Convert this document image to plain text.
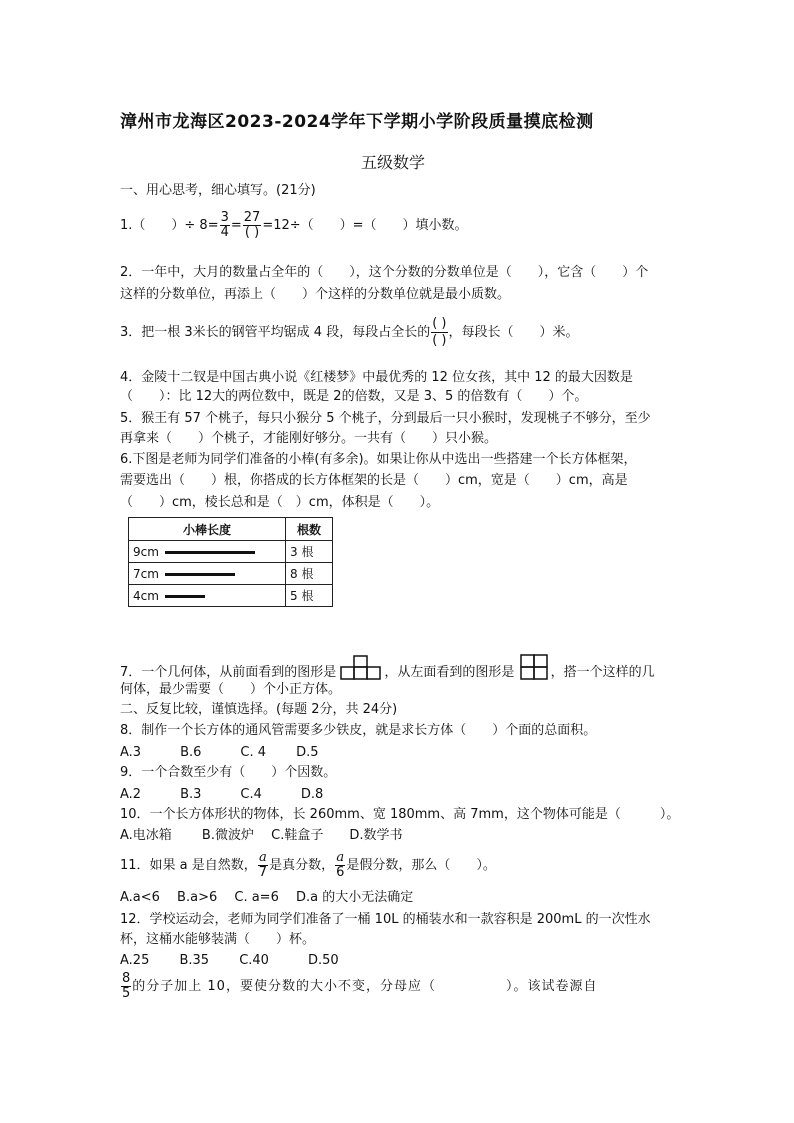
漳州市龙海区2023-2024学年下学期小学阶段质量摸底检测
五级数学
一、用心思考，细心填写。(21分)
1.（　　）÷ $8= \frac{3}{4} = \frac{27}{( )} =12\div$（　　）=（　　）填小数。
2．一年中，大月的数量占全年的（　　），这个分数的分数单位是（　　），它含（　　）个
这样的分数单位，再添上（　　）个这样的分数单位就是最小质数。
3．把一根 3米长的钢管平均锯成 4 段，每段占全长的 $\frac{( )}{( )}$ ，每段长（　　）米。
4．金陵十二钗是中国古典小说《红楼梦》中最优秀的 12 位女孩，其中 12 的最大因数是
（　　）：比 12大的两位数中，既是 2的倍数，又是 3、5 的倍数有（　　）个。
5．猴王有 57 个桃子，每只小猴分 5 个桃子，分到最后一只小猴时，发现桃子不够分，至少
再拿来（　　）个桃子，才能刚好够分。一共有（　　）只小猴。
6.下图是老师为同学们准备的小棒(有多余)。如果让你从中选出一些搭建一个长方体框架，
需要选出（　　）根，你搭成的长方体框架的长是（　　）cm，宽是（　　）cm，高是
（　　）cm，棱长总和是（　）cm，体积是（　　）。
小棒长度	根数
9cm	3 根
7cm	8 根
4cm	5 根
7．一个几何体，从前面看到的图形是	，从左面看到的图形是	，搭一个这样的几
何体，最少需要（　　）个小正方体。
二、反复比较，谨慎选择。(每题 2分，共 24分)
8．制作一个长方体的通风管需要多少铁皮，就是求长方体（　　）个面的总面积。
A.3　　　B.6　　　C. 4　　 D.5
9．一个合数至少有（　　）个因数。
A.2　　　B.3　　　C.4　　　D.8
10．一个长方体形状的物体，长 260mm、宽 180mm、高 7mm，这个物体可能是（　　　）。
A.电冰箱　　 B.微波炉　 C.鞋盒子　　D.数学书
11．如果 a 是自然数， $\frac{a}{7}$ 是真分数， $\frac{a}{6}$ 是假分数，那么（　　）。
A.a<6　 B.a>6　 C. a=6　 D.a 的大小无法确定
12．学校运动会，老师为同学们准备了一桶 10L 的桶装水和一款容积是 200mL 的一次性水
杯，这桶水能够装满（　　）杯。
A.25　　 B.35　　 C.40　　　D.50
$\frac{8}{5}$ 的分子加上 10，要使分数的大小不变，分母应（　　　　　）。该试卷源自
